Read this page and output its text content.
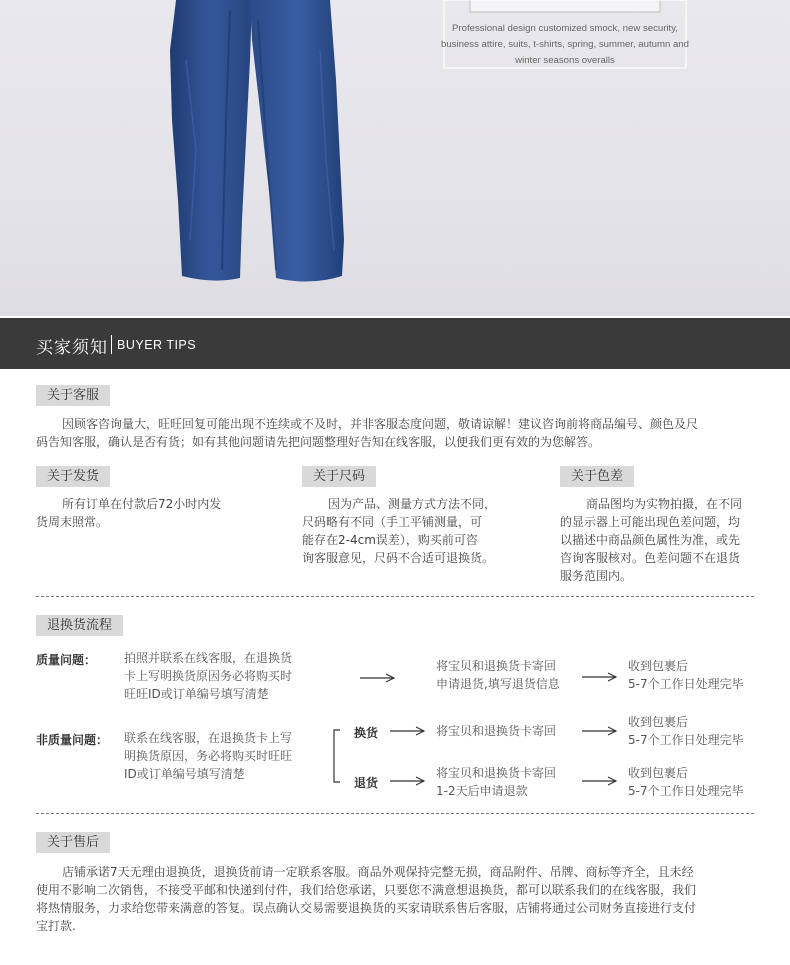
Professional design customized smock, new security,
business attire, suits, t-shirts, spring, summer, autumn and
winter seasons overalls
买家须知 BUYER TIPS
关于客服
因顾客咨询量大，旺旺回复可能出现不连续或不及时，并非客服态度问题，敬请谅解！建议咨询前将商品编号、颜色及尺
码告知客服，确认是否有货；如有其他问题请先把问题整理好告知在线客服，以便我们更有效的为您解答。
关于发货
所有订单在付款后72小时内发
货周末照常。
关于尺码
因为产品、测量方式方法不同，
尺码略有不同（手工平铺测量，可
能存在2-4cm误差），购买前可咨
询客服意见，尺码不合适可退换货。
关于色差
商品图均为实物拍摄，在不同
的显示器上可能出现色差问题，均
以描述中商品颜色属性为准，或先
咨询客服核对。色差问题不在退货
服务范围内。
退换货流程
质量问题： 拍照并联系在线客服，在退换货
卡上写明换货原因务必将购买时
旺旺ID或订单编号填写清楚
将宝贝和退换货卡寄回
申请退货,填写退货信息
收到包裹后
5-7个工作日处理完毕
非质量问题： 联系在线客服，在退换货卡上写
明换货原因，务必将购买时旺旺
ID或订单编号填写清楚
换货	将宝贝和退换货卡寄回
收到包裹后
5-7个工作日处理完毕
退货
将宝贝和退换货卡寄回
1-2天后申请退款
收到包裹后
5-7个工作日处理完毕
关于售后
店铺承诺7天无理由退换货，退换货前请一定联系客服。商品外观保持完整无损，商品附件、吊牌、商标等齐全，且未经
使用不影响二次销售，不接受平邮和快递到付件，我们给您承诺，只要您不满意想退换货，都可以联系我们的在线客服，我们
将热情服务，力求给您带来满意的答复。误点确认交易需要退换货的买家请联系售后客服，店铺将通过公司财务直接进行支付
宝打款.
